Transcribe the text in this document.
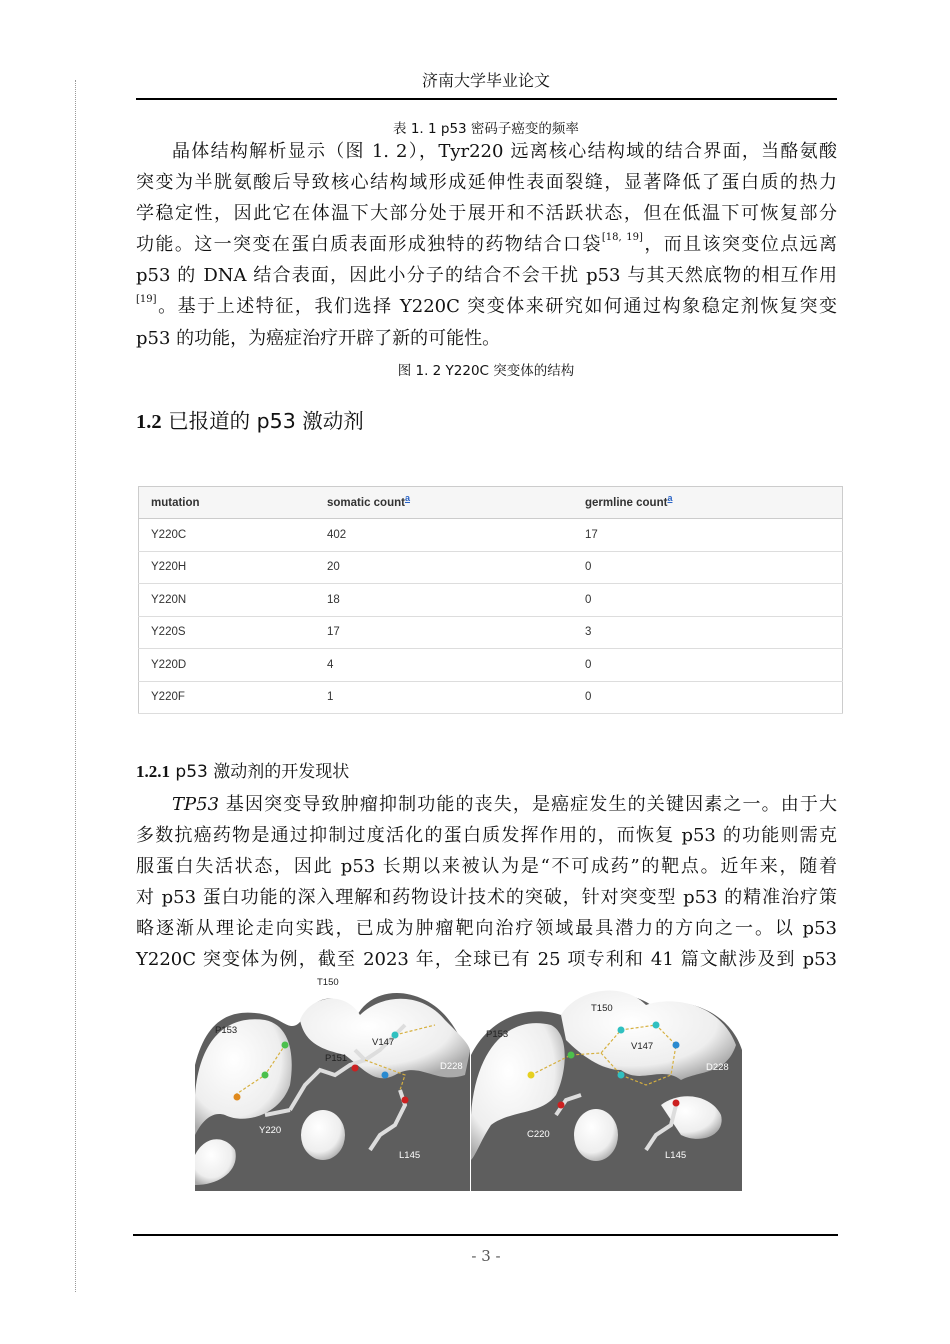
济南大学毕业论文
表 1. 1 p53 密码子癌变的频率
晶体结构解析显示（图 1. 2），Tyr220 远离核心结构域的结合界面，当酪氨酸
突变为半胱氨酸后导致核心结构域形成延伸性表面裂缝，显著降低了蛋白质的热力
学稳定性，因此它在体温下大部分处于展开和不活跃状态，但在低温下可恢复部分
功能。这一突变在蛋白质表面形成独特的药物结合口袋[18, 19]，而且该突变位点远离
p53 的 DNA 结合表面，因此小分子的结合不会干扰 p53 与其天然底物的相互作用
[19]。基于上述特征，我们选择 Y220C 突变体来研究如何通过构象稳定剂恢复突变
p53 的功能，为癌症治疗开辟了新的可能性。
图 1. 2 Y220C 突变体的结构
1.2 已报道的 p53 激动剂
mutation	somatic count$^a$	germline count$^a$
Y220C	402	17
Y220H	20	0
Y220N	18	0
Y220S	17	3
Y220D	4	0
Y220F	1	0
1.2.1 p53 激动剂的开发现状
TP53 基因突变导致肿瘤抑制功能的丧失，是癌症发生的关键因素之一。由于大
多数抗癌药物是通过抑制过度活化的蛋白质发挥作用的，而恢复 p53 的功能则需克
服蛋白失活状态，因此 p53 长期以来被认为是“不可成药”的靶点。近年来，随着
对 p53 蛋白功能的深入理解和药物设计技术的突破，针对突变型 p53 的精准治疗策
略逐渐从理论走向实践，已成为肿瘤靶向治疗领域最具潜力的方向之一。以 p53
Y220C 突变体为例，截至 2023 年，全球已有 25 项专利和 41 篇文献涉及到 p53
T150
P153
V147
P151
D228
Y220
L145
T150
P153
V147
D228
C220
L145
- 3 -
